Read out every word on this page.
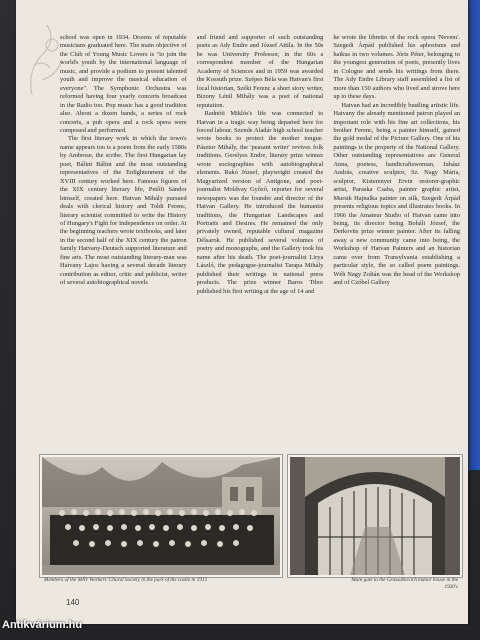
school was open in 1934. Dozens of reputable musicians graduated here. The main objective of the Club of Young Music Lovers is "to join the world's youth by the international language of music, and provide a podium to present talented youth and improve the musical education of everyone". The Symphonic Orchestra was reformed having four yearly concerts broadcast in the Radio too. Pop music has a good tradition also. About a dozen bands, a series of rock concerts, a pub opera and a rock opera were composed and performed.

The first literary work in which the town's name appears too is a poem from the early 1580s by Ambrose, the scribe. The first Hungarian lay poet, Bálint Bálint and the most outstanding representatives of the Enlightenment of the XVIII century worked here. Famous figures of the XIX century literary life, Petőfi Sándor himself, created here. Hatvan Mihály pursued deals with clerical history and Toldi Ferenc, literary scientist committed to write the History of Hungary's Fight for Independence on order. At the beginning teachers wrote textbooks, and later in the second half of the XIX century the patron family Hatvany-Deutsch supported literature and fine arts. The most outstanding literary-man was Hatvany Lajos having a several decade literary contribution as editor, critic and publicist, writer of several autobiographical novels

and friend and supporter of such outstanding poets as Ady Endre and József Attila. In the 50s he was University Professor, in the 60s a correspondent member of the Hungarian Academy of Sciences and in 1959 was awarded the Kossuth prize. Szépes Béla was Hatvan's first local historian, Széki Ferenc a short story writer, Bizony Lénil Mihály was a poet of national reputation.

Radnóti Miklós's life was connected to Hatvan in a tragic way being departed here for forced labour. Szende Aladár high school teacher wrote books to protect the mother tongue. Pásztor Mihály, the 'peasant writer' revives folk traditions. Gerelyes Endre, literary prize winner wrote sociographies with autobiographical elements. Rakó József, playwright created the Magyarized version of Antigone, and poet-journalist Moldvay Győző, reporter for several newspapers was the founder and director of the Hatvan Gallery. He introduced the humanist traditions, the Hungarian Landscapes and Portraits and Desires. He remained the only privately owned, reputable cultural magazine Délsarok. He published several volumes of poetry and monographs, and the Gallery took his name after his death. The poet-journalist Lirya László, the pedagogue-journalist Tarapa Mihály published their writings in national press products. The prize winner Baros Tibor published his first writing at the age of 14 and

he wrote the libretto of the rock opera 'Nevem'. Szegedi Árpád published his aphorisms and haikus in two volumes. Jóris Péter, belonging to the youngest generation of poets, presently lives in Cologne and sends his writings from there. The Ady Endre Library staff assembled a list of more than 150 authors who lived and strove here up to these days.

Hatvan had an incredibly bustling artistic life. Hatvany the already mentioned patron played an important role with his fine art collections, his brother Ferenc, being a painter himself, gained the gold medal of the Picture Gallery. One of his paintings is the property of the National Gallery. Other outstanding representatives are General Anna, poetess, handicraftswoman, Juhász András, creative sculptor, Sz. Nagy Mária, sculptor, Kisterenyei Ervin restorer-graphic artist, Paraska Csaba, painter graphic artist, Mursik Hajnalka painter on silk, Szegedi Árpád presents religious topics and illustrates books. In 1966 the Amateur Studio of Hatvan came into being, its director being Boháli József, the Derkovits prize winner painter. After its falling away a new community came into being, the Workshop of Hatvan Painters and an historian came over from Transylvania establishing a particular style, the so called poem paintings. Wéh Nagy Zoltán was the head of the Workshop and of Czóbel Gallery

Members of the MÁV Workers' Choral Society in the park of the castle in 1913	Main gate to the Grassalkovich manor house in the 1930's
140
Antikvárium.hu
